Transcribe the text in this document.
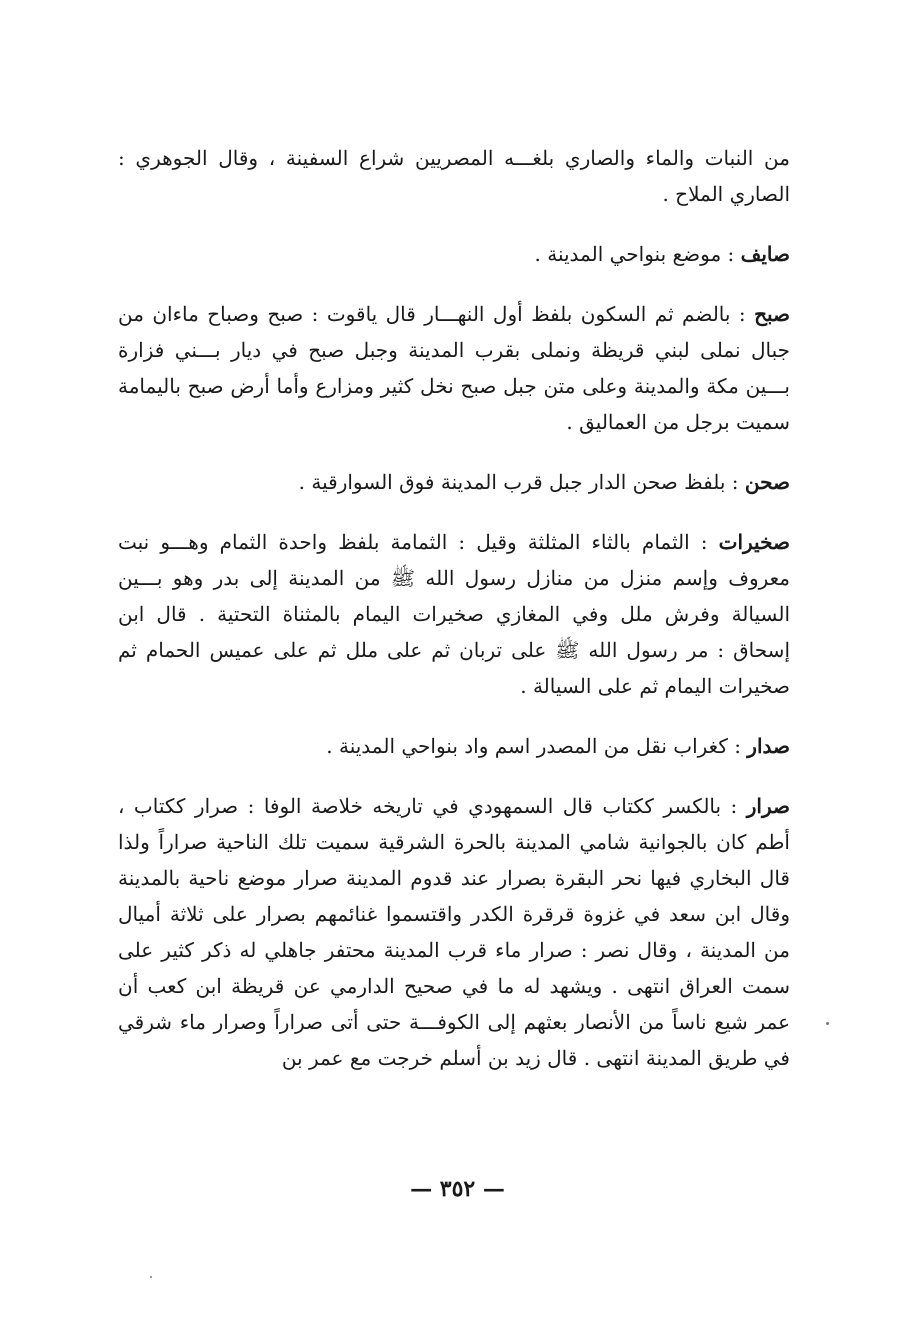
من النبات والماء والصاري بلغـــه المصريين شراع السفينة ، وقال الجوهري : الصاري الملاح .

صايف : موضع بنواحي المدينة .

صبح : بالضم ثم السكون بلفظ أول النهـــار قال ياقوت : صبح وصباح ماءان من جبال نملى لبني قريظة ونملى بقرب المدينة وجبل صبح في ديار بـــني فزارة بـــين مكة والمدينة وعلى متن جبل صبح نخل كثير ومزارع وأما أرض صبح باليمامة سميت برجل من العماليق .

صحن : بلفظ صحن الدار جبل قرب المدينة فوق السوارقية .

صخيرات : الثمام بالثاء المثلثة وقيل : الثمامة بلفظ واحدة الثمام وهـــو نبت معروف وإسم منزل من منازل رسول الله ﷺ من المدينة إلى بدر وهو بـــين السيالة وفرش ملل وفي المغازي صخيرات اليمام بالمثناة التحتية . قال ابن إسحاق : مر رسول الله ﷺ على تربان ثم على ملل ثم على عميس الحمام ثم صخيرات اليمام ثم على السيالة .

صدار : كغراب نقل من المصدر اسم واد بنواحي المدينة .

صرار : بالكسر ككتاب قال السمهودي في تاريخه خلاصة الوفا : صرار ككتاب ، أطم كان بالجوانية شامي المدينة بالحرة الشرقية سميت تلك الناحية صراراً ولذا قال البخاري فيها نحر البقرة بصرار عند قدوم المدينة صرار موضع ناحية بالمدينة وقال ابن سعد في غزوة قرقرة الكدر واقتسموا غنائمهم بصرار على ثلاثة أميال من المدينة ، وقال نصر : صرار ماء قرب المدينة محتفر جاهلي له ذكر كثير على سمت العراق انتهى . ويشهد له ما في صحيح الدارمي عن قريظة ابن كعب أن عمر شيع ناساً من الأنصار بعثهم إلى الكوفـــة حتى أتى صراراً وصرار ماء شرقي في طريق المدينة انتهى . قال زيد بن أسلم خرجت مع عمر بن

— ٣٥٢ —
